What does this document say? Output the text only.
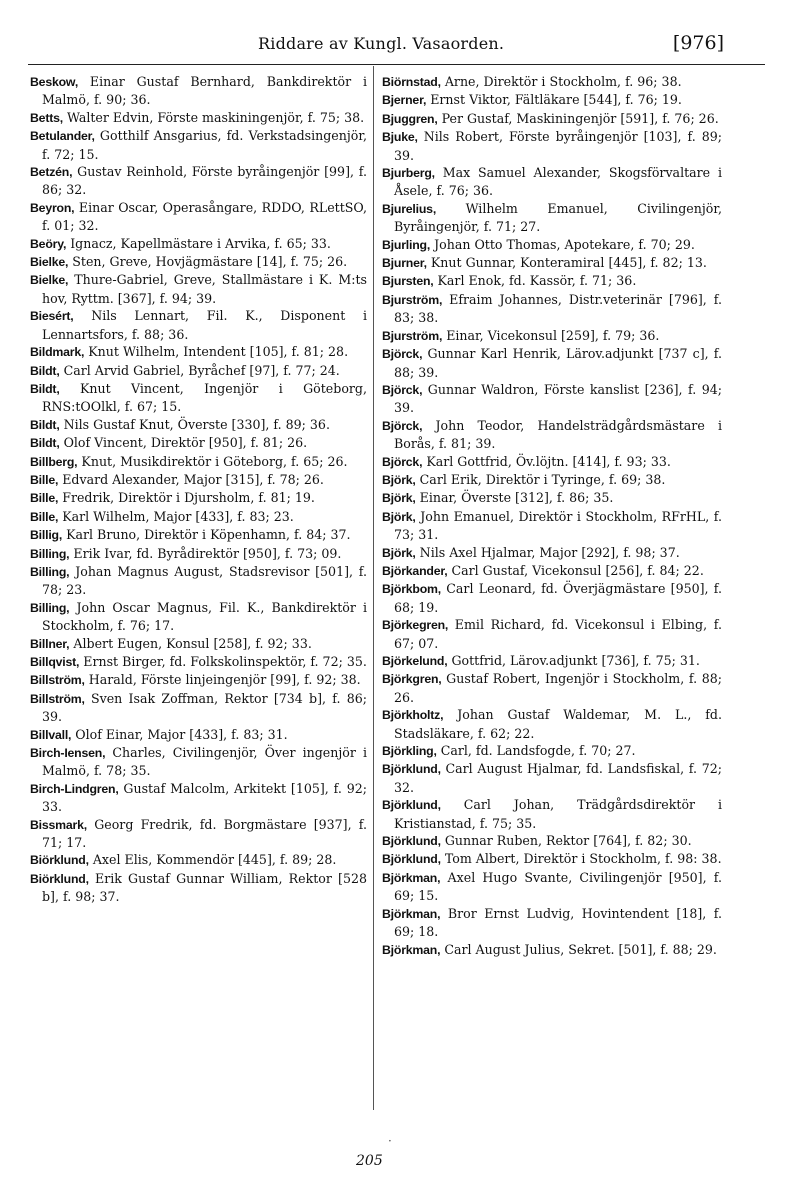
Riddare av Kungl. Vasaorden.	[976]
Beskow, Einar Gustaf Bernhard, Bankdirektör i Malmö, f. 90; 36.
Betts, Walter Edvin, Förste maskiningenjör, f. 75; 38.
Betulander, Gotthilf Ansgarius, fd. Verkstadsingenjör, f. 72; 15.
Betzén, Gustav Reinhold, Förste byråingenjör [99], f. 86; 32.
Beyron, Einar Oscar, Operasångare, RDDO, RLettSO, f. 01; 32.
Beöry, Ignacz, Kapellmästare i Arvika, f. 65; 33.
Bielke, Sten, Greve, Hovjägmästare [14], f. 75; 26.
Bielke, Thure-Gabriel, Greve, Stallmästare i K. M:ts hov, Ryttm. [367], f. 94; 39.
Biesért, Nils Lennart, Fil. K., Disponent i Lennartsfors, f. 88; 36.
Bildmark, Knut Wilhelm, Intendent [105], f. 81; 28.
Bildt, Carl Arvid Gabriel, Byråchef [97], f. 77; 24.
Bildt, Knut Vincent, Ingenjör i Göteborg, RNS:tOOlkl, f. 67; 15.
Bildt, Nils Gustaf Knut, Överste [330], f. 89; 36.
Bildt, Olof Vincent, Direktör [950], f. 81; 26.
Billberg, Knut, Musikdirektör i Göteborg, f. 65; 26.
Bille, Edvard Alexander, Major [315], f. 78; 26.
Bille, Fredrik, Direktör i Djursholm, f. 81; 19.
Bille, Karl Wilhelm, Major [433], f. 83; 23.
Billig, Karl Bruno, Direktör i Köpenhamn, f. 84; 37.
Billing, Erik Ivar, fd. Byrådirektör [950], f. 73; 09.
Billing, Johan Magnus August, Stadsrevisor [501], f. 78; 23.
Billing, John Oscar Magnus, Fil. K., Bankdirektör i Stockholm, f. 76; 17.
Billner, Albert Eugen, Konsul [258], f. 92; 33.
Billqvist, Ernst Birger, fd. Folkskolinspektör, f. 72; 35.
Billström, Harald, Förste linjeingenjör [99], f. 92; 38.
Billström, Sven Isak Zoffman, Rektor [734 b], f. 86; 39.
Billvall, Olof Einar, Major [433], f. 83; 31.
Birch-Iensen, Charles, Civilingenjör, Över ingenjör i Malmö, f. 78; 35.
Birch-Lindgren, Gustaf Malcolm, Arkitekt [105], f. 92; 33.
Bissmark, Georg Fredrik, fd. Borgmästare [937], f. 71; 17.
Biörklund, Axel Elis, Kommendör [445], f. 89; 28.
Biörklund, Erik Gustaf Gunnar William, Rektor [528 b], f. 98; 37.
Biörnstad, Arne, Direktör i Stockholm, f. 96; 38.
Bjerner, Ernst Viktor, Fältläkare [544], f. 76; 19.
Bjuggren, Per Gustaf, Maskiningenjör [591], f. 76; 26.
Bjuke, Nils Robert, Förste byråingenjör [103], f. 89; 39.
Bjurberg, Max Samuel Alexander, Skogsförvaltare i Åsele, f. 76; 36.
Bjurelius, Wilhelm Emanuel, Civilingenjör, Byråingenjör, f. 71; 27.
Bjurling, Johan Otto Thomas, Apotekare, f. 70; 29.
Bjurner, Knut Gunnar, Konteramiral [445], f. 82; 13.
Bjursten, Karl Enok, fd. Kassör, f. 71; 36.
Bjurström, Efraim Johannes, Distr.veterinär [796], f. 83; 38.
Bjurström, Einar, Vicekonsul [259], f. 79; 36.
Björck, Gunnar Karl Henrik, Lärov.adjunkt [737 c], f. 88; 39.
Björck, Gunnar Waldron, Förste kanslist [236], f. 94; 39.
Björck, John Teodor, Handelsträdgårdsmästare i Borås, f. 81; 39.
Björck, Karl Gottfrid, Öv.löjtn. [414], f. 93; 33.
Björk, Carl Erik, Direktör i Tyringe, f. 69; 38.
Björk, Einar, Överste [312], f. 86; 35.
Björk, John Emanuel, Direktör i Stockholm, RFrHL, f. 73; 31.
Björk, Nils Axel Hjalmar, Major [292], f. 98; 37.
Björkander, Carl Gustaf, Vicekonsul [256], f. 84; 22.
Björkbom, Carl Leonard, fd. Överjägmästare [950], f. 68; 19.
Björkegren, Emil Richard, fd. Vicekonsul i Elbing, f. 67; 07.
Björkelund, Gottfrid, Lärov.adjunkt [736], f. 75; 31.
Björkgren, Gustaf Robert, Ingenjör i Stockholm, f. 88; 26.
Björkholtz, Johan Gustaf Waldemar, M. L., fd. Stadsläkare, f. 62; 22.
Björkling, Carl, fd. Landsfogde, f. 70; 27.
Björklund, Carl August Hjalmar, fd. Landsfiskal, f. 72; 32.
Björklund, Carl Johan, Trädgårdsdirektör i Kristianstad, f. 75; 35.
Björklund, Gunnar Ruben, Rektor [764], f. 82; 30.
Björklund, Tom Albert, Direktör i Stockholm, f. 98: 38.
Björkman, Axel Hugo Svante, Civilingenjör [950], f. 69; 15.
Björkman, Bror Ernst Ludvig, Hovintendent [18], f. 69; 18.
Björkman, Carl August Julius, Sekret. [501], f. 88; 29.
·
205
